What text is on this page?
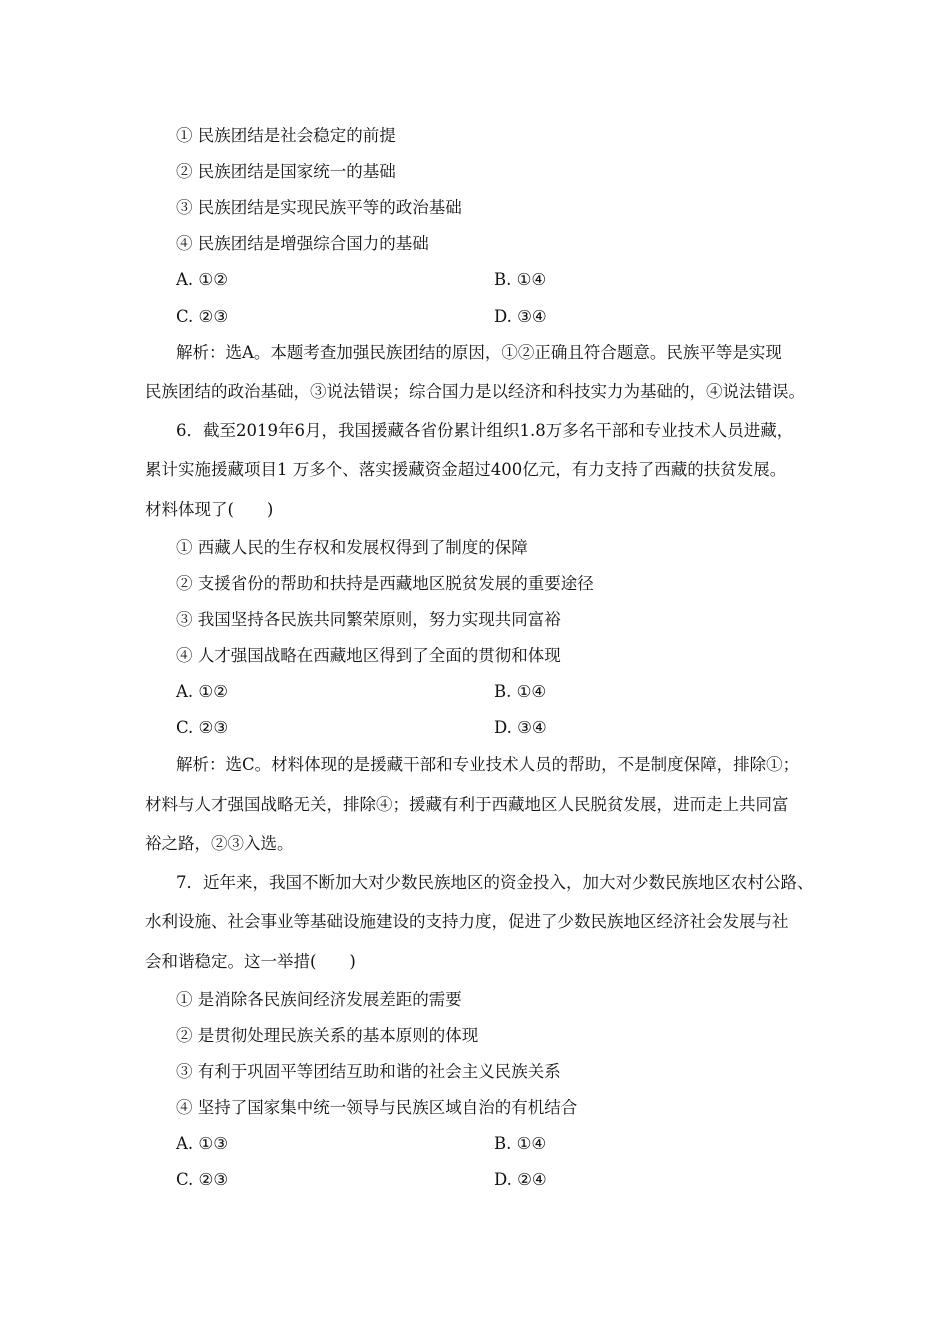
① 民族团结是社会稳定的前提
② 民族团结是国家统一的基础
③ 民族团结是实现民族平等的政治基础
④ 民族团结是增强综合国力的基础
A. ①②	B. ①④
C. ②③	D. ③④
解析：选A。本题考查加强民族团结的原因，①②正确且符合题意。民族平等是实现
民族团结的政治基础，③说法错误；综合国力是以经济和科技实力为基础的，④说法错误。
6．截至2019年6月，我国援藏各省份累计组织1.8万多名干部和专业技术人员进藏，
累计实施援藏项目1 万多个、落实援藏资金超过400亿元，有力支持了西藏的扶贫发展。
材料体现了(　　)
① 西藏人民的生存权和发展权得到了制度的保障
② 支援省份的帮助和扶持是西藏地区脱贫发展的重要途径
③ 我国坚持各民族共同繁荣原则，努力实现共同富裕
④ 人才强国战略在西藏地区得到了全面的贯彻和体现
A. ①②	B. ①④
C. ②③	D. ③④
解析：选C。材料体现的是援藏干部和专业技术人员的帮助，不是制度保障，排除①；
材料与人才强国战略无关，排除④；援藏有利于西藏地区人民脱贫发展，进而走上共同富
裕之路，②③入选。
7．近年来，我国不断加大对少数民族地区的资金投入，加大对少数民族地区农村公路、
水利设施、社会事业等基础设施建设的支持力度，促进了少数民族地区经济社会发展与社
会和谐稳定。这一举措(　　)
① 是消除各民族间经济发展差距的需要
② 是贯彻处理民族关系的基本原则的体现
③ 有利于巩固平等团结互助和谐的社会主义民族关系
④ 坚持了国家集中统一领导与民族区域自治的有机结合
A. ①③	B. ①④
C. ②③	D. ②④
